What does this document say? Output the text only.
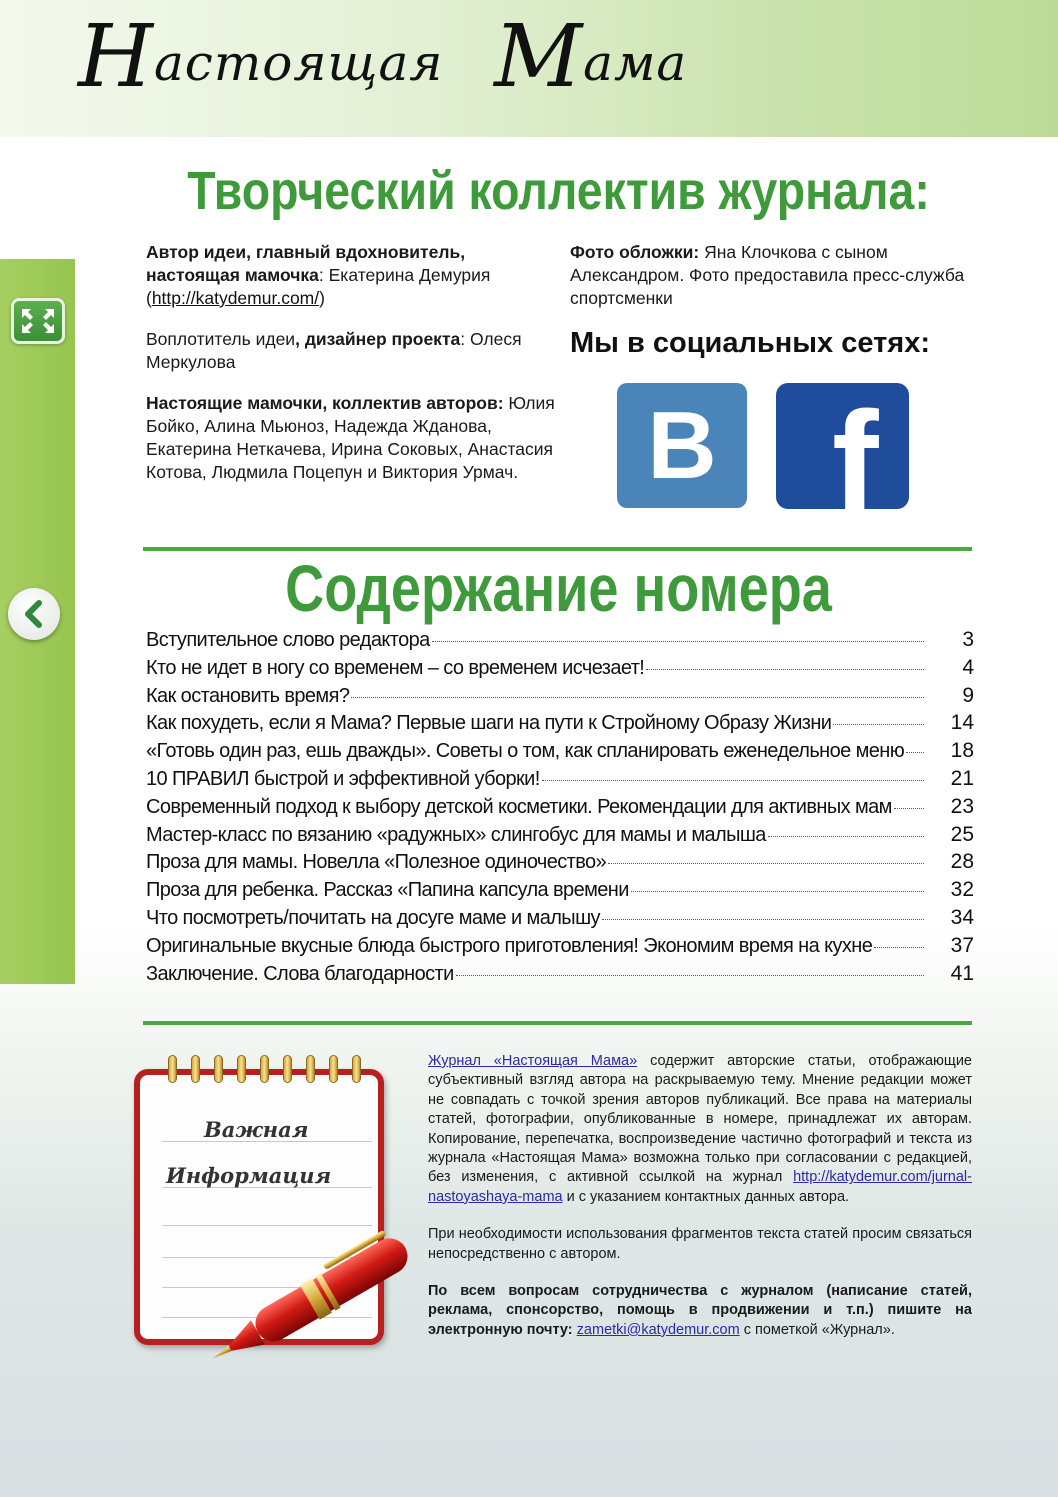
Настоящая Мама
Творческий коллектив журнала:

Автор идеи, главный вдохновитель, настоящая мамочка: Екатерина Демурия (http://katydemur.com/)

Воплотитель идеи, дизайнер проекта: Олеся Меркулова

Настоящие мамочки, коллектив авторов: Юлия Бойко, Алина Мьюноз, Надежда Жданова, Екатерина Неткачева, Ирина Соковых, Анастасия Котова, Людмила Поцепун и Виктория Урмач.

Фото обложки: Яна Клочкова с сыном Александром. Фото предоставила пресс-служба спортсменки
Мы в социальных сетях:
В f
Содержание номера
Вступительное слово редактора	3
Кто не идет в ногу со временем – со временем исчезает!	4
Как остановить время?	9
Как похудеть, если я Мама? Первые шаги на пути к Стройному Образу Жизни	14
«Готовь один раз, ешь дважды». Советы о том, как спланировать еженедельное меню	18
10 ПРАВИЛ быстрой и эффективной уборки!	21
Современный подход к выбору детской косметики. Рекомендации для активных мам	23
Мастер-класс по вязанию «радужных» слингобус для мамы и малыша	25
Проза для мамы. Новелла «Полезное одиночество»	28
Проза для ребенка. Рассказ «Папина капсула времени	32
Что посмотреть/почитать на досуге маме и малышу	34
Оригинальные вкусные блюда быстрого приготовления! Экономим время на кухне	37
Заключение. Слова благодарности	41
Важная
Информация

Журнал «Настоящая Мама» содержит авторские статьи, отображающие субъективный взгляд автора на раскрываемую тему. Мнение редакции может не совпадать с точкой зрения авторов публикаций. Все права на материалы статей, фотографии, опубликованные в номере, принадлежат их авторам. Копирование, перепечатка, воспроизведение частично фотографий и текста из журнала «Настоящая Мама» возможна только при согласовании с редакцией, без изменения, с активной ссылкой на журнал http://katydemur.com/jurnal-nastoyashaya-mama и с указанием контактных данных автора.

При необходимости использования фрагментов текста статей просим связаться непосредственно с автором.

По всем вопросам сотрудничества с журналом (написание статей, реклама, спонсорство, помощь в продвижении и т.п.) пишите на электронную почту: zametki@katydemur.com с пометкой «Журнал».
